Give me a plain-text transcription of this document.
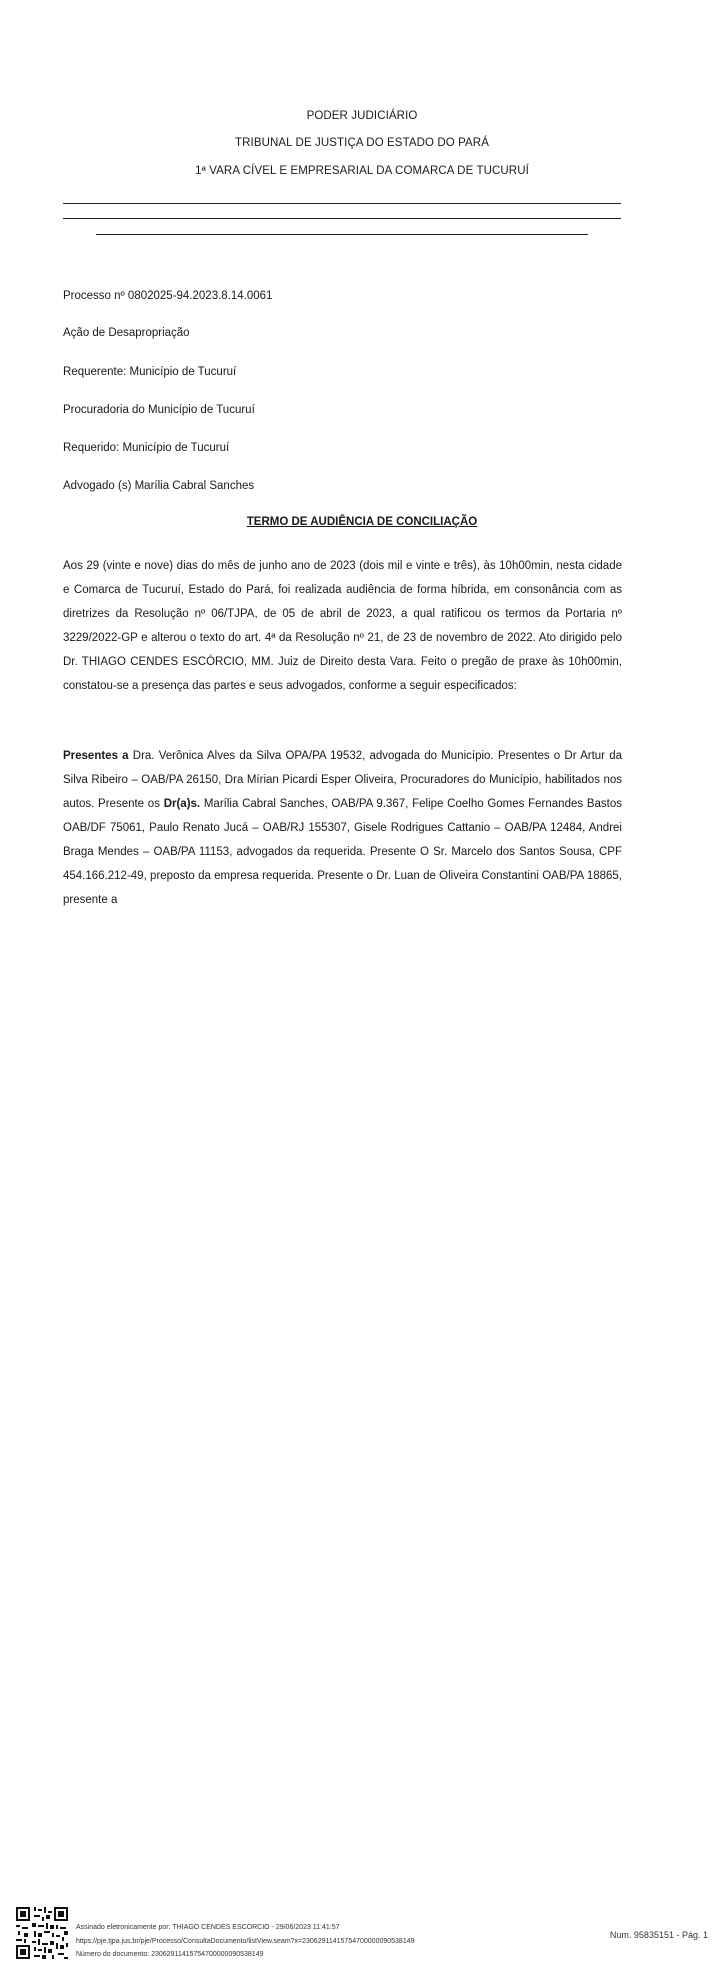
PODER JUDICIÁRIO
TRIBUNAL DE JUSTIÇA DO ESTADO DO PARÁ
1ª VARA CÍVEL E EMPRESARIAL DA COMARCA DE TUCURUÍ
Processo nº 0802025-94.2023.8.14.0061
Ação de Desapropriação
Requerente: Município de Tucuruí
Procuradoria do Município de Tucuruí
Requerido: Município de Tucuruí
Advogado (s) Marília Cabral Sanches
TERMO DE AUDIÊNCIA DE CONCILIAÇÃO

Aos 29 (vinte e nove) dias do mês de junho ano de 2023 (dois mil e vinte e três), às 10h00min, nesta cidade e Comarca de Tucuruí, Estado do Pará, foi realizada audiência de forma híbrida, em consonância com as diretrizes da Resolução nº 06/TJPA, de 05 de abril de 2023, a qual ratificou os termos da Portaria nº 3229/2022-GP e alterou o texto do art. 4ª da Resolução nº 21, de 23 de novembro de 2022. Ato dirigido pelo Dr. THIAGO CENDES ESCÓRCIO, MM. Juiz de Direito desta Vara. Feito o pregão de praxe às 10h00min, constatou-se a presença das partes e seus advogados, conforme a seguir especificados:

Presentes a Dra. Verônica Alves da Silva OPA/PA 19532, advogada do Município. Presentes o Dr Artur da Silva Ribeiro – OAB/PA 26150, Dra Mírian Picardi Esper Oliveira, Procuradores do Município, habilitados nos autos. Presente os Dr(a)s. Marília Cabral Sanches, OAB/PA 9.367, Felipe Coelho Gomes Fernandes Bastos OAB/DF 75061, Paulo Renato Jucá – OAB/RJ 155307, Gisele Rodrigues Cattanio – OAB/PA 12484, Andrei Braga Mendes – OAB/PA 11153, advogados da requerida. Presente O Sr. Marcelo dos Santos Sousa, CPF 454.166.212-49, preposto da empresa requerida. Presente o Dr. Luan de Oliveira Constantini OAB/PA 18865, presente a

Assinado eletronicamente por: THIAGO CENDES ESCORCIO - 29/06/2023 11:41:57
https://pje.tjpa.jus.br/pje/Processo/ConsultaDocumento/listView.seam?x=23062911415754700000090538149
Número do documento: 23062911415754700000090538149
Num. 95835151 - Pág. 1
